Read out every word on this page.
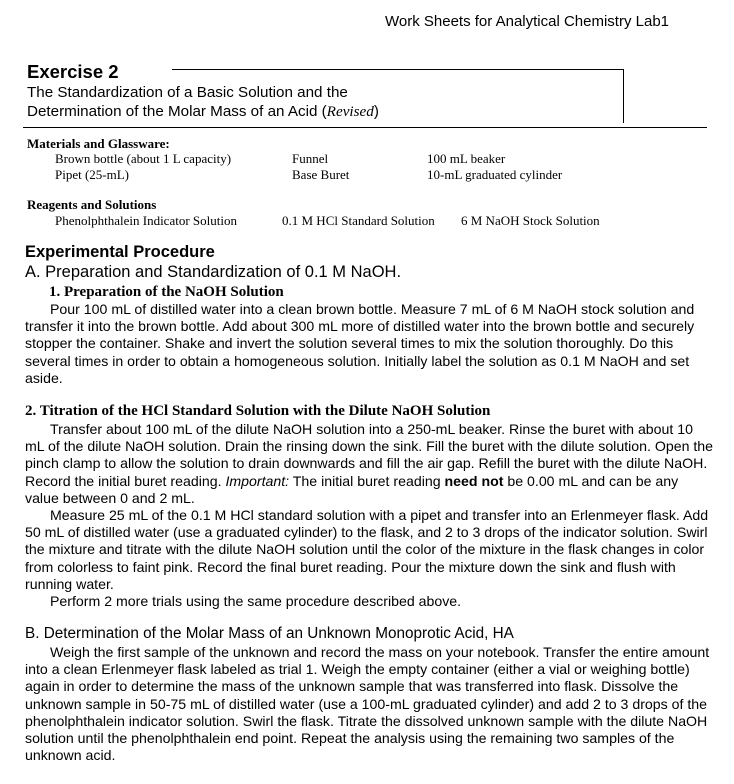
Work Sheets for Analytical Chemistry Lab1
Exercise 2
The Standardization of a Basic Solution and the
Determination of the Molar Mass of an Acid (Revised)
Materials and Glassware:
Brown bottle (about 1 L capacity)
Pipet (25-mL)
Funnel
Base Buret
100 mL beaker
10-mL graduated cylinder
Reagents and Solutions
Phenolphthalein Indicator Solution	0.1 M HCl Standard Solution 6 M NaOH Stock Solution
Experimental Procedure
A. Preparation and Standardization of 0.1 M NaOH.
1. Preparation of the NaOH Solution
Pour 100 mL of distilled water into a clean brown bottle. Measure 7 mL of 6 M NaOH stock solution and transfer it into the brown bottle. Add about 300 mL more of distilled water into the brown bottle and securely stopper the container. Shake and invert the solution several times to mix the solution thoroughly. Do this several times in order to obtain a homogeneous solution. Initially label the solution as 0.1 M NaOH and set aside.
2. Titration of the HCl Standard Solution with the Dilute NaOH Solution

Transfer about 100 mL of the dilute NaOH solution into a 250-mL beaker. Rinse the buret with about 10 mL of the dilute NaOH solution. Drain the rinsing down the sink. Fill the buret with the dilute solution. Open the pinch clamp to allow the solution to drain downwards and fill the air gap. Refill the buret with the dilute NaOH. Record the initial buret reading. Important: The initial buret reading need not be 0.00 mL and can be any value between 0 and 2 mL.

Measure 25 mL of the 0.1 M HCl standard solution with a pipet and transfer into an Erlenmeyer flask. Add 50 mL of distilled water (use a graduated cylinder) to the flask, and 2 to 3 drops of the indicator solution. Swirl the mixture and titrate with the dilute NaOH solution until the color of the mixture in the flask changes in color from colorless to faint pink. Record the final buret reading. Pour the mixture down the sink and flush with running water.

Perform 2 more trials using the same procedure described above.

B. Determination of the Molar Mass of an Unknown Monoprotic Acid, HA
Weigh the first sample of the unknown and record the mass on your notebook. Transfer the entire amount into a clean Erlenmeyer flask labeled as trial 1. Weigh the empty container (either a vial or weighing bottle) again in order to determine the mass of the unknown sample that was transferred into flask. Dissolve the unknown sample in 50-75 mL of distilled water (use a 100-mL graduated cylinder) and add 2 to 3 drops of the phenolphthalein indicator solution. Swirl the flask. Titrate the dissolved unknown sample with the dilute NaOH solution until the phenolphthalein end point. Repeat the analysis using the remaining two samples of the unknown acid.
